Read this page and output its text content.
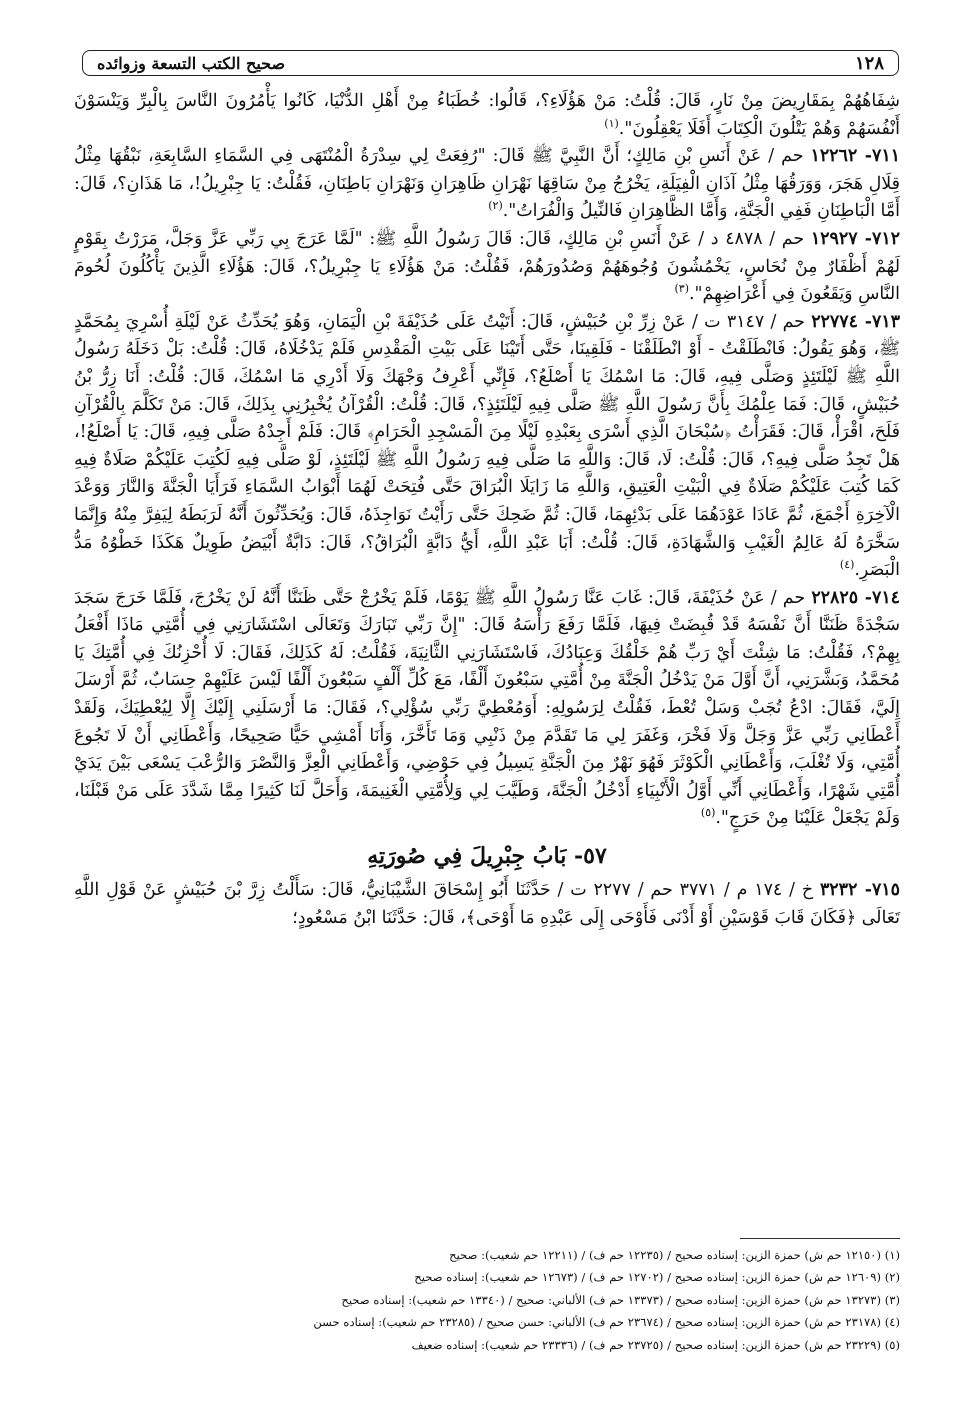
١٢٨
صحيح الكتب التسعة وزوائده

شِفَاهُهُمْ بِمَقَارِيضَ مِنْ نَارٍ، قَالَ: قُلْتُ: مَنْ هَؤُلَاءِ؟، قَالُوا: خُطَبَاءُ مِنْ أَهْلِ الدُّنْيَا، كَانُوا يَأْمُرُونَ النَّاسَ بِالْبِرِّ وَيَنْسَوْنَ أَنْفُسَهُمْ وَهُمْ يَتْلُونَ الْكِتَابَ أَفَلَا يَعْقِلُونَ".$^{(١)}$

٧١١- ١٢٢٦٢ حم / عَنْ أَنَسِ بْنِ مَالِكٍ؛ أَنَّ النَّبِيَّ ﷺ قَالَ: "رُفِعَتْ لِي سِدْرَةُ الْمُنْتَهَى فِي السَّمَاءِ السَّابِعَةِ، نَبْقُهَا مِثْلُ قِلَالِ هَجَرَ، وَوَرَقُهَا مِثْلُ آذَانِ الْفِيَلَةِ، يَخْرُجُ مِنْ سَاقِهَا نَهْرَانِ ظَاهِرَانِ وَنَهْرَانِ بَاطِنَانِ، فَقُلْتُ: يَا جِبْرِيلُ!، مَا هَذَانِ؟، قَالَ: أَمَّا الْبَاطِنَانِ فَفِي الْجَنَّةِ، وَأَمَّا الظَّاهِرَانِ فَالنِّيلُ وَالْفُرَاتُ".$^{(٢)}$

٧١٢- ١٢٩٢٧ حم / ٤٨٧٨ د / عَنْ أَنَسِ بْنِ مَالِكٍ، قَالَ: قَالَ رَسُولُ اللَّهِ ﷺ: "لَمَّا عَرَجَ بِي رَبِّي عَزَّ وَجَلَّ، مَرَرْتُ بِقَوْمٍ لَهُمْ أَظْفَارٌ مِنْ نُحَاسٍ، يَخْمُشُونَ وُجُوهَهُمْ وَصُدُورَهُمْ، فَقُلْتُ: مَنْ هَؤُلَاءِ يَا جِبْرِيلُ؟، قَالَ: هَؤُلَاءِ الَّذِينَ يَأْكُلُونَ لُحُومَ النَّاسِ وَيَقَعُونَ فِي أَعْرَاضِهِمْ".$^{(٣)}$

٧١٣- ٢٢٧٧٤ حم / ٣١٤٧ ت / عَنْ زِرِّ بْنِ حُبَيْشٍ، قَالَ: أَتَيْتُ عَلَى حُذَيْفَةَ بْنِ الْيَمَانِ، وَهُوَ يُحَدِّثُ عَنْ لَيْلَةِ أُسْرِيَ بِمُحَمَّدٍ ﷺ، وَهُوَ يَقُولُ: فَانْطَلَقْتُ - أَوْ انْطَلَقْنَا - فَلَقِينَا، حَتَّى أَتَيْنَا عَلَى بَيْتِ الْمَقْدِسِ فَلَمْ يَدْخُلَاهُ، قَالَ: قُلْتُ: بَلْ دَخَلَهُ رَسُولُ اللَّهِ ﷺ لَيْلَتَئِذٍ وَصَلَّى فِيهِ، قَالَ: مَا اسْمُكَ يَا أَصْلَعُ؟، فَإِنِّي أَعْرِفُ وَجْهَكَ وَلَا أَدْرِي مَا اسْمُكَ، قَالَ: قُلْتُ: أَنَا زِرُّ بْنُ حُبَيْشٍ، قَالَ: فَمَا عِلْمُكَ بِأَنَّ رَسُولَ اللَّهِ ﷺ صَلَّى فِيهِ لَيْلَتَئِذٍ؟، قَالَ: قُلْتُ: الْقُرْآنُ يُخْبِرُنِي بِذَلِكَ، قَالَ: مَنْ تَكَلَّمَ بِالْقُرْآنِ فَلَحَ، اقْرَأْ، قَالَ: فَقَرَأْتُ ﴿سُبْحَانَ الَّذِي أَسْرَى بِعَبْدِهِ لَيْلًا مِنَ الْمَسْجِدِ الْحَرَامِ﴾ قَالَ: فَلَمْ أَجِدْهُ صَلَّى فِيهِ، قَالَ: يَا أَصْلَعُ!، هَلْ تَجِدُ صَلَّى فِيهِ؟، قَالَ: قُلْتُ: لَا، قَالَ: وَاللَّهِ مَا صَلَّى فِيهِ رَسُولُ اللَّهِ ﷺ لَيْلَتَئِذٍ، لَوْ صَلَّى فِيهِ لَكُتِبَ عَلَيْكُمْ صَلَاةٌ فِيهِ كَمَا كُتِبَ عَلَيْكُمْ صَلَاةٌ فِي الْبَيْتِ الْعَتِيقِ، وَاللَّهِ مَا زَايَلَا الْبُرَاقَ حَتَّى فُتِحَتْ لَهُمَا أَبْوَابُ السَّمَاءِ فَرَأَيَا الْجَنَّةَ وَالنَّارَ وَوَعْدَ الْآخِرَةِ أَجْمَعَ، ثُمَّ عَادَا عَوْدَهُمَا عَلَى بَدْئِهِمَا، قَالَ: ثُمَّ ضَحِكَ حَتَّى رَأَيْتُ نَوَاجِذَهُ، قَالَ: وَيُحَدِّثُونَ أَنَّهُ لَرَبَطَهُ لِيَفِرَّ مِنْهُ وَإِنَّمَا سَخَّرَهُ لَهُ عَالِمُ الْغَيْبِ وَالشَّهَادَةِ، قَالَ: قُلْتُ: أَبَا عَبْدِ اللَّهِ، أَيُّ دَابَّةٍ الْبُرَاقُ؟، قَالَ: دَابَّةٌ أَبْيَضُ طَوِيلٌ هَكَذَا خَطْوُهُ مَدُّ الْبَصَرِ.$^{(٤)}$

٧١٤- ٢٢٨٢٥ حم / عَنْ حُذَيْفَةَ، قَالَ: غَابَ عَنَّا رَسُولُ اللَّهِ ﷺ يَوْمًا، فَلَمْ يَخْرُجْ حَتَّى ظَنَنَّا أَنَّهُ لَنْ يَخْرُجَ، فَلَمَّا خَرَجَ سَجَدَ سَجْدَةً ظَنَنَّا أَنَّ نَفْسَهُ قَدْ قُبِضَتْ فِيهَا، فَلَمَّا رَفَعَ رَأْسَهُ قَالَ: "إِنَّ رَبِّي تَبَارَكَ وَتَعَالَى اسْتَشَارَنِي فِي أُمَّتِي مَاذَا أَفْعَلُ بِهِمْ؟، فَقُلْتُ: مَا شِئْتَ أَيْ رَبِّ هُمْ خَلْقُكَ وَعِبَادُكَ، فَاسْتَشَارَنِي الثَّانِيَةَ، فَقُلْتُ: لَهُ كَذَلِكَ، فَقَالَ: لَا أُحْزِنُكَ فِي أُمَّتِكَ يَا مُحَمَّدُ، وَبَشَّرَنِي، أَنَّ أَوَّلَ مَنْ يَدْخُلُ الْجَنَّةَ مِنْ أُمَّتِي سَبْعُونَ أَلْفًا، مَعَ كُلِّ أَلْفٍ سَبْعُونَ أَلْفًا لَيْسَ عَلَيْهِمْ حِسَابٌ، ثُمَّ أَرْسَلَ إِلَيَّ، فَقَالَ: ادْعُ تُجَبْ وَسَلْ تُعْطَ، فَقُلْتُ لِرَسُولِهِ: أَوَمُعْطِيَّ رَبِّي سُؤْلِي؟، فَقَالَ: مَا أَرْسَلَنِي إِلَيْكَ إِلَّا لِيُعْطِيَكَ، وَلَقَدْ أَعْطَانِي رَبِّي عَزَّ وَجَلَّ وَلَا فَخْرَ، وَغَفَرَ لِي مَا تَقَدَّمَ مِنْ ذَنْبِي وَمَا تَأَخَّرَ، وَأَنَا أَمْشِي حَيًّا صَحِيحًا، وَأَعْطَانِي أَنْ لَا تَجُوعَ أُمَّتِي، وَلَا تُغْلَبَ، وَأَعْطَانِي الْكَوْثَرَ فَهُوَ نَهْرٌ مِنَ الْجَنَّةِ يَسِيلُ فِي حَوْضِي، وَأَعْطَانِي الْعِزَّ وَالنَّصْرَ وَالرُّعْبَ يَسْعَى بَيْنَ يَدَيْ أُمَّتِي شَهْرًا، وَأَعْطَانِي أَنِّي أَوَّلُ الْأَنْبِيَاءِ أَدْخُلُ الْجَنَّةَ، وَطَيَّبَ لِي وَلِأُمَّتِي الْغَنِيمَةَ، وَأَحَلَّ لَنَا كَثِيرًا مِمَّا شَدَّدَ عَلَى مَنْ قَبْلَنَا، وَلَمْ يَجْعَلْ عَلَيْنَا مِنْ حَرَجٍ".$^{(٥)}$

٥٧- بَابُ جِبْرِيلَ فِي صُورَتِهِ

٧١٥- ٣٢٣٢ خ / ١٧٤ م / ٣٧٧١ حم / ٢٢٧٧ ت / حَدَّثَنَا أَبُو إِسْحَاقَ الشَّيْبَانِيُّ، قَالَ: سَأَلْتُ زِرَّ بْنَ حُبَيْشٍ عَنْ قَوْلِ اللَّهِ تَعَالَى ﴿فَكَانَ قَابَ قَوْسَيْنِ أَوْ أَدْنَى فَأَوْحَى إِلَى عَبْدِهِ مَا أَوْحَى﴾، قَالَ: حَدَّثَنَا ابْنُ مَسْعُودٍ؛

(١) (١٢١٥٠ حم ش) حمزة الزين: إسناده صحيح / (١٢٢٣٥ حم ف) / (١٢٢١١ حم شعيب): صحيح
(٢) (١٢٦٠٩ حم ش) حمزة الزين: إسناده صحيح / (١٢٧٠٢ حم ف) / (١٢٦٧٣ حم شعيب): إسناده صحيح
(٣) (١٣٢٧٣ حم ش) حمزة الزين: إسناده صحيح / (١٣٣٧٣ حم ف) الألباني: صحيح / (١٣٣٤٠ حم شعيب): إسناده صحيح
(٤) (٢٣١٧٨ حم ش) حمزة الزين: إسناده صحيح / (٢٣٦٧٤ حم ف) الألباني: حسن صحيح / (٢٣٢٨٥ حم شعيب): إسناده حسن
(٥) (٢٣٢٢٩ حم ش) حمزة الزين: إسناده صحيح / (٢٣٧٢٥ حم ف) / (٢٣٣٣٦ حم شعيب): إسناده ضعيف
